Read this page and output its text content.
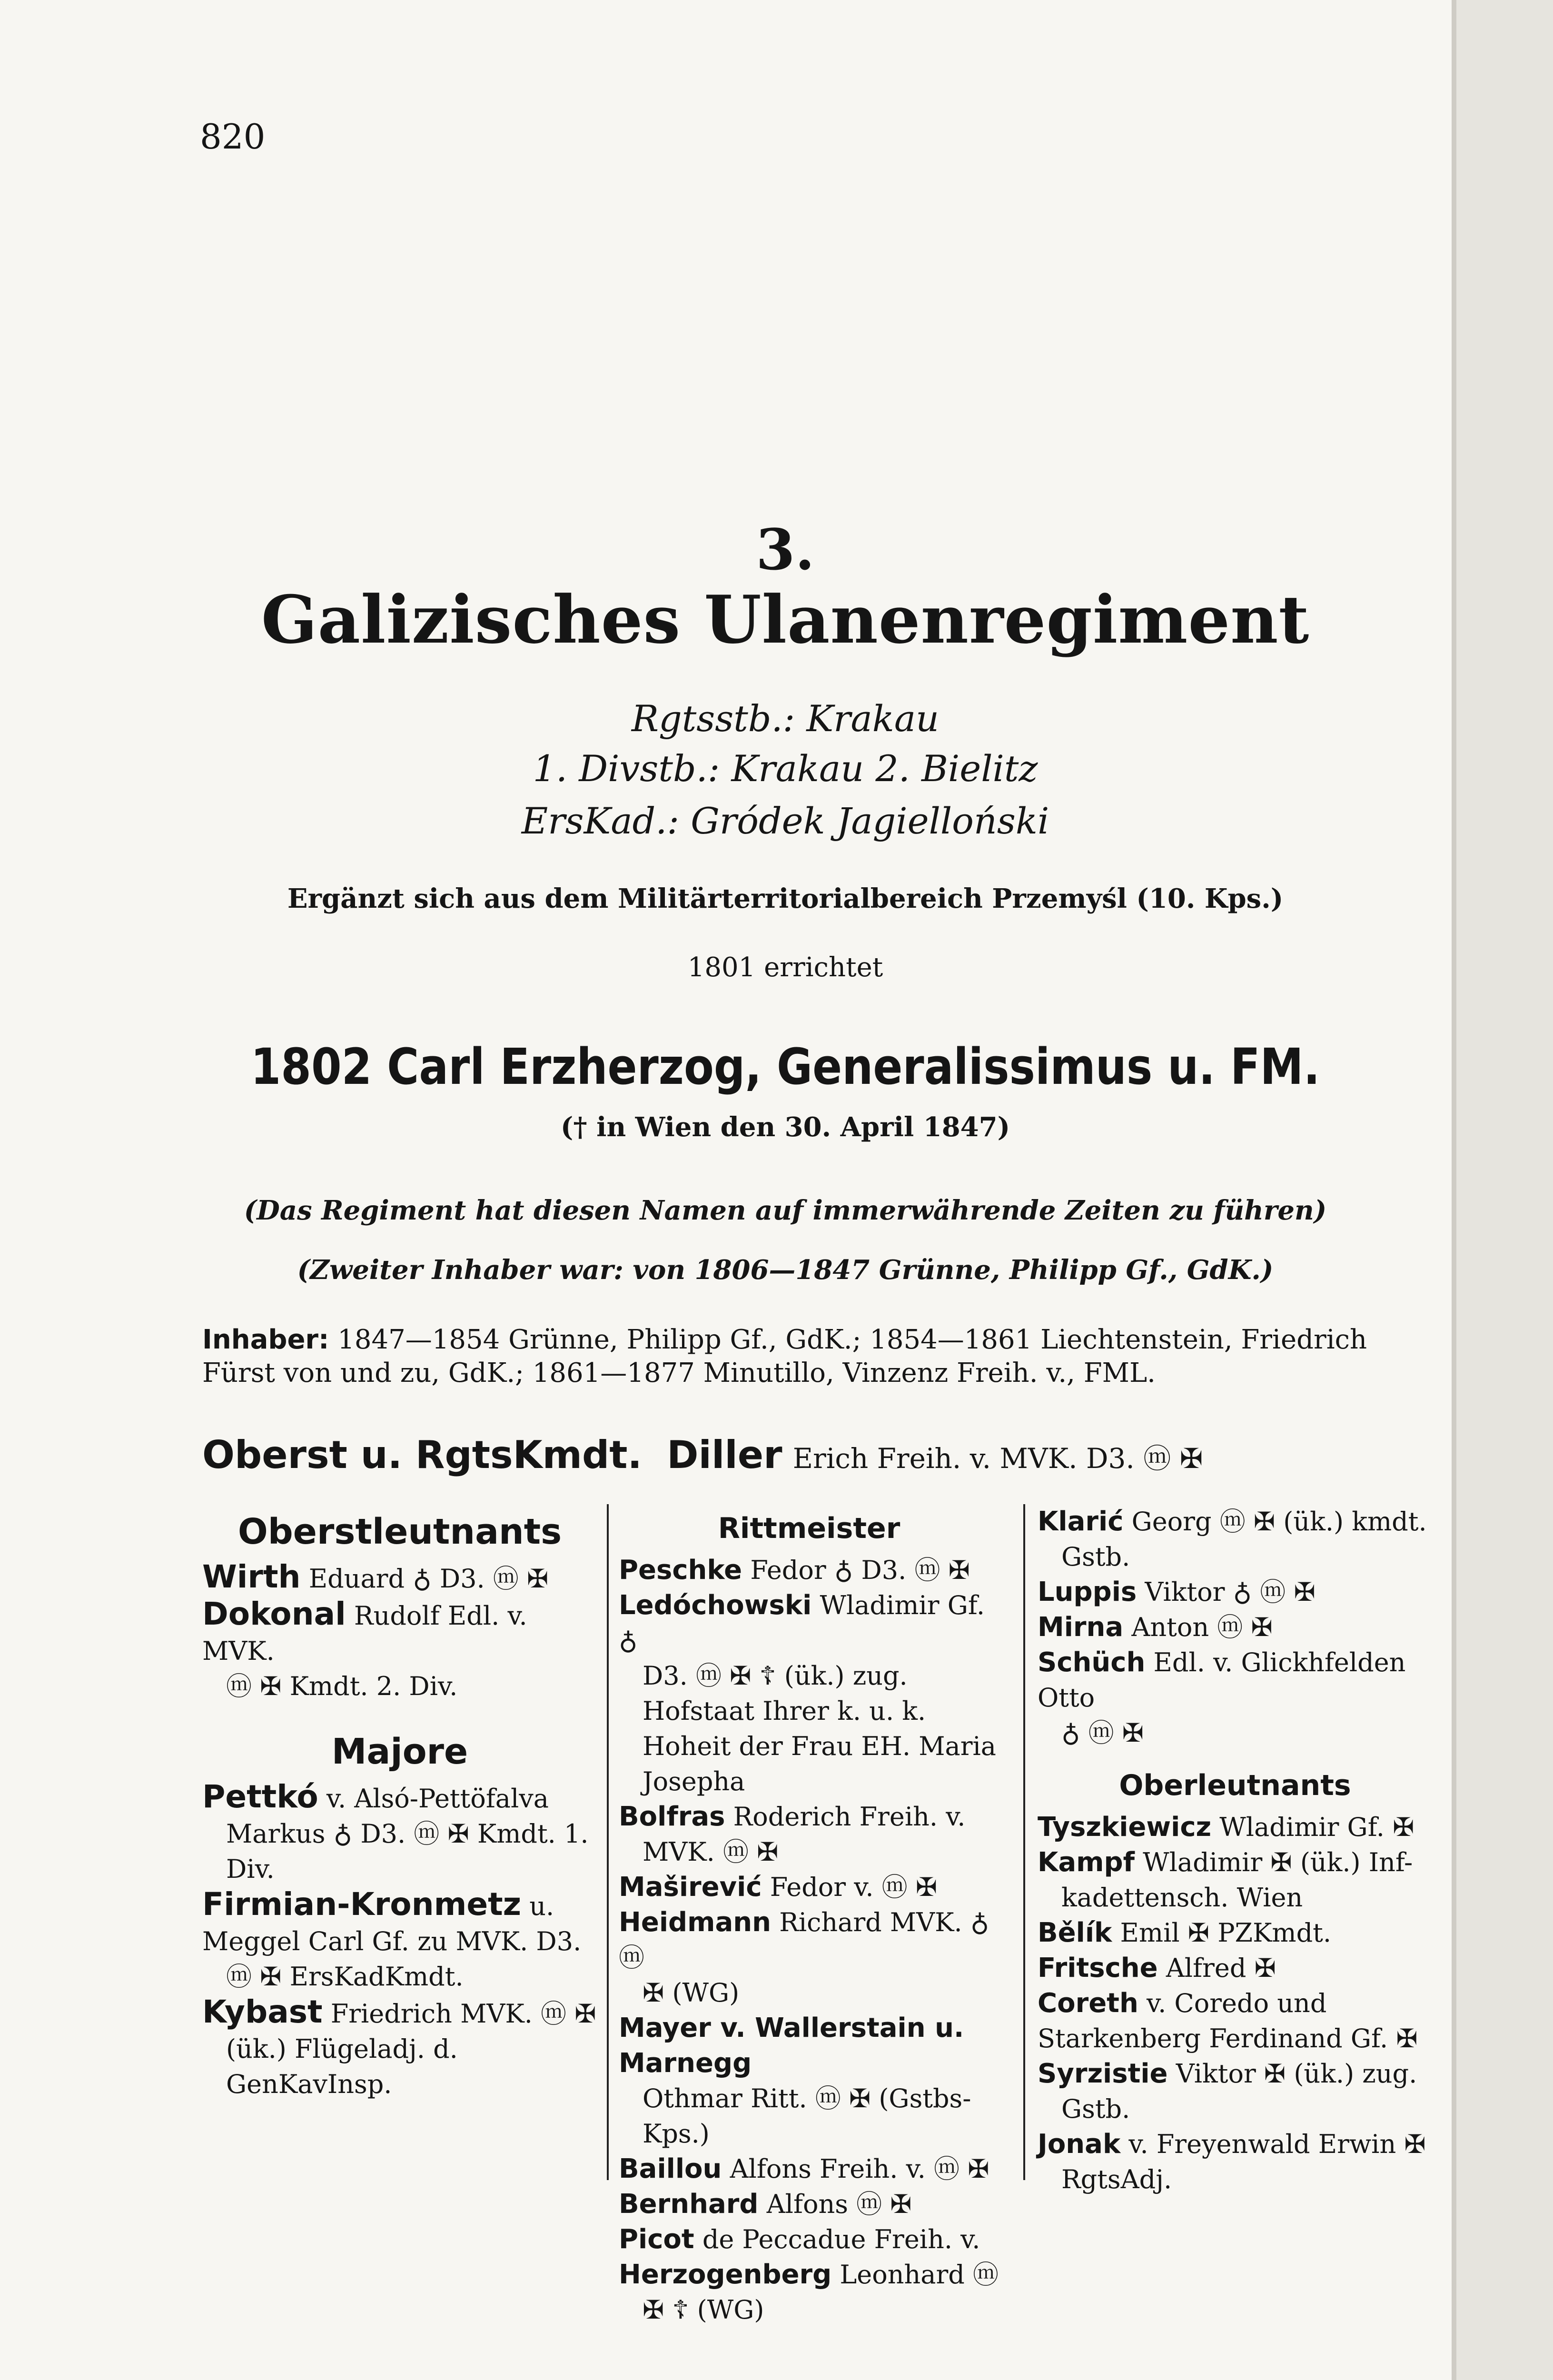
820
3.
Galizisches Ulanenregiment
Rgtsstb.: Krakau
1. Divstb.: Krakau 2. Bielitz
ErsKad.: Gródek Jagielloński
Ergänzt sich aus dem Militärterritorialbereich Przemyśl (10. Kps.)
1801 errichtet
1802 Carl Erzherzog, Generalissimus u. FM.
(† in Wien den 30. April 1847)
(Das Regiment hat diesen Namen auf immerwährende Zeiten zu führen)
(Zweiter Inhaber war: von 1806—1847 Grünne, Philipp Gf., GdK.)
Inhaber: 1847—1854 Grünne, Philipp Gf., GdK.; 1854—1861 Liechtenstein, Friedrich Fürst von und zu, GdK.; 1861—1877 Minutillo, Vinzenz Freih. v., FML.
Oberst u. RgtsKmdt. Diller Erich Freih. v. MVK. D3. ⓜ ✠
Oberstleutnants
Wirth Eduard ♁ D3. ⓜ ✠
Dokonal Rudolf Edl. v. MVK.
ⓜ ✠ Kmdt. 2. Div.
Majore
Pettkó v. Alsó-Pettöfalva
Markus ♁ D3. ⓜ ✠ Kmdt. 1. Div.
Firmian-Kronmetz u. Meggel Carl Gf. zu MVK. D3.
ⓜ ✠ ErsKadKmdt.
Kybast Friedrich MVK. ⓜ ✠
(ük.) Flügeladj. d. GenKavInsp.
Rittmeister
Peschke Fedor ♁ D3. ⓜ ✠
Ledóchowski Wladimir Gf. ♁
D3. ⓜ ✠ ☦ (ük.) zug. Hofstaat Ihrer k. u. k. Hoheit der Frau EH. Maria Josepha
Bolfras Roderich Freih. v.
MVK. ⓜ ✠
Maširević Fedor v. ⓜ ✠
Heidmann Richard MVK. ♁ ⓜ
✠ (WG)
Mayer v. Wallerstain u. Marnegg
Othmar Ritt. ⓜ ✠ (Gstbs-Kps.)
Baillou Alfons Freih. v. ⓜ ✠
Bernhard Alfons ⓜ ✠
Picot de Peccadue Freih. v.
Herzogenberg Leonhard ⓜ
✠ ☦ (WG)
Klarić Georg ⓜ ✠ (ük.) kmdt.
Gstb.
Luppis Viktor ♁ ⓜ ✠
Mirna Anton ⓜ ✠
Schüch Edl. v. Glickhfelden Otto
♁ ⓜ ✠
Oberleutnants
Tyszkiewicz Wladimir Gf. ✠
Kampf Wladimir ✠ (ük.) Inf-
kadettensch. Wien
Bělík Emil ✠ PZKmdt.
Fritsche Alfred ✠
Coreth v. Coredo und Starkenberg Ferdinand Gf. ✠
Syrzistie Viktor ✠ (ük.) zug.
Gstb.
Jonak v. Freyenwald Erwin ✠
RgtsAdj.
